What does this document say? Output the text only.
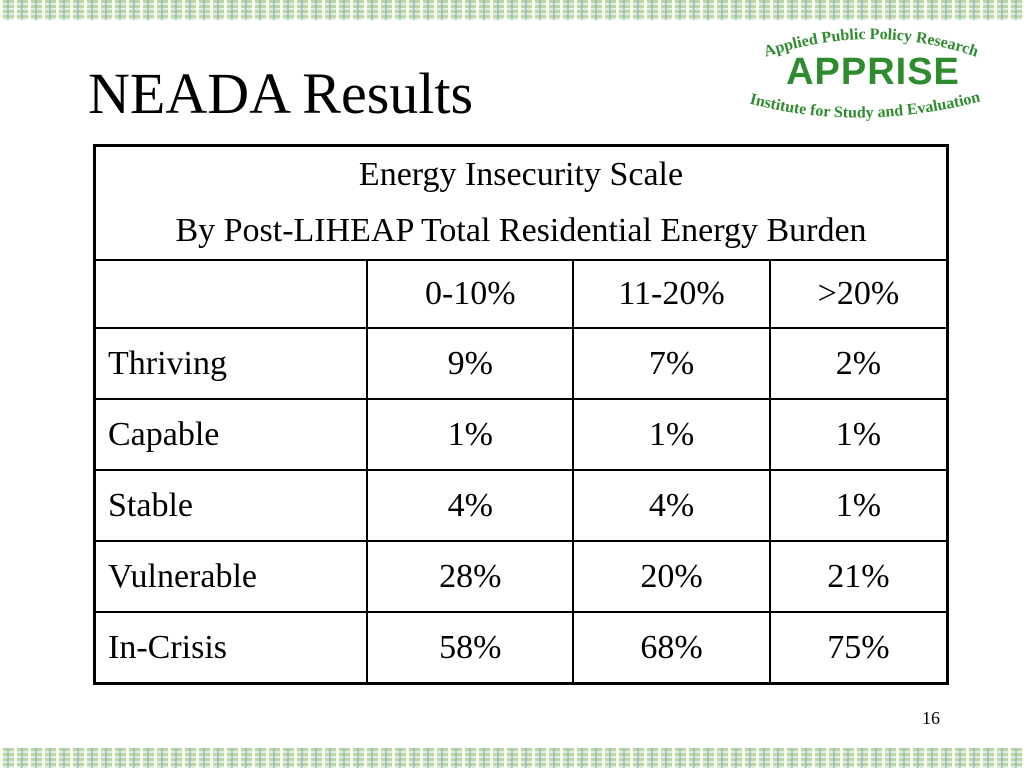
NEADA Results
Applied Public Policy Research
APPRISE
Institute for Study and Evaluation
Energy Insecurity Scale
By Post-LIHEAP Total Residential Energy Burden			

	0-10%	11-20%	>20%
Thriving	9%	7%	2%
Capable	1%	1%	1%
Stable	4%	4%	1%
Vulnerable	28%	20%	21%
In-Crisis	58%	68%	75%
16
